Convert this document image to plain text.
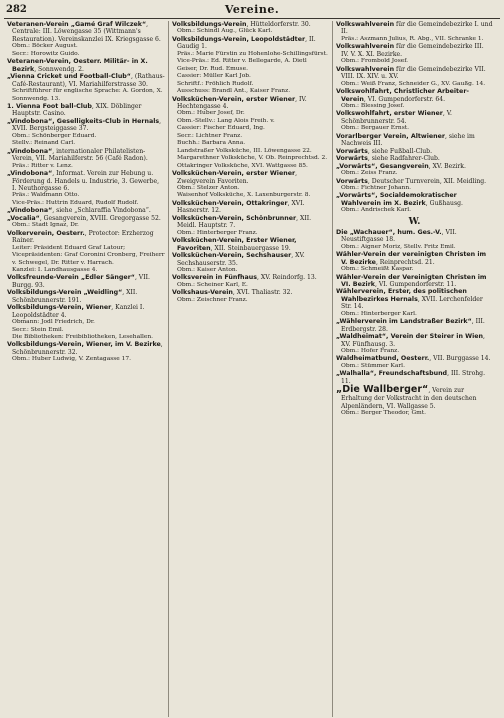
282	Vereine.

Veteranen-Verein „Gamé Graf Wilczek“, Centrale: III. Löwengasse 35 (Wittmann's Restauration). Vereinskanzlei IX. Kriegsgasse 6.

Obm.: Böcker August.

Secr.: Horowitz Guido.

Veteranen-Verein, Oesterr. Militär- in X. Bezirk, Sonnwendg. 2.

„Vienna Cricket und Football-Club“, (Rathaus-Café-Restaurant), VI. Mariahilferstrasse 30.

Schriftführer für englische Sprache: A. Gordon, X. Sonnwendg. 13.

1. Vienna Foot ball-Club, XIX. Döblinger Hauptstr. Casino.

„Vindobona“, Geselligkeits-Club in Hernals, XVII. Bergsteiggasse 37.

Obm.: Schönberger Eduard.

Stellv.: Reinand Carl.

„Vindobona“, internationaler Philatelisten-Verein, VII. Mariahilferstr. 56 (Café Radon).

Präs.: Ritter v. Lenz.

„Vindobona“, Informat. Verein zur Hebung u. Förderung d. Handels u. Industrie, 3. Gewerbe, I. Neuthorgasse 6.

Präs.: Waldmann Otto.

Vice-Präs.: Huttrin Eduard, Rudolf Rudolf.

„Vindobona“, siehe „Schlaraffia Vindobona“.

„Vocalia“, Gesangverein, XVIII. Gregorgasse 52.

Obm.: Stadt Ignaz, Dr.

Volkerverein, Oesterr., Protector: Erzherzog Rainer.

Leiter: Präsident Eduard Graf Latour; Vicepräsidenten: Graf Coronini Cronberg, Freiherr v. Schwegel, Dr. Ritter v. Harrach.

Kanzlei: I. Landhausgasse 4.

Volksfreunde-Verein „Edler Sänger“, VII. Burgg. 93.

Volksbildungs-Verein „Weidling“, XII. Schönbrunnerstr. 191.

Volksbildungs-Verein, Wiener, Kanzlei I. Leopoldstädter 4.

Obmann: Jodl Friedrich, Dr.

Secr.: Stein Emil.

Die Bibliotheken: Freibibliotheken, Lesehallen.

Volksbildungs-Verein, Wiener, im V. Bezirke, Schönbrunnerstr. 32.

Obm.: Huber Ludwig, V. Zentagasse 17.

Volksbildungs-Verein, Hütteldorferstr. 30.

Obm.: Schindl Aug., Glück Karl.

Volksbildungs-Verein, Leopoldstädter, II. Gaudig 1.

Präs.: Marie Fürstin zu Hohenlohe-Schillingsfürst.

Vice-Präs.: Ed. Ritter v. Bellegarde, A. Dietl Geiser, Dr. Rud. Emuse.

Cassier: Müller Karl Job.

Schriftf.: Fröhlich Rudolf.

Ausschuss: Brandl Ant., Kaiser Franz.

Volksküchen-Verein, erster Wiener, IV. Hechtengasse 4.

Obm.: Huber Josef, Dr.

Obm.-Stellv.: Lang Alois Freih. v.

Cassier: Fischer Eduard, Ing.

Secr.: Lichtner Franz.

Buchh.: Barbara Anna.

Landstraßer Volksküche, III. Löwengasse 22.

Margarethner Volksküche, V. Ob. Reinprechtsd. 2.

Ottakringer Volksküche, XVI. Wattgasse 85.

Volksküchen-Verein, erster Wiener, Zweigverein Favoriten.

Obm.: Stelzer Anton.

Waisenhof Volksküche, X. Laxenburgerstr. 8.

Volksküchen-Verein, Ottakringer, XVI. Hasnerstr. 12.

Volksküchen-Verein, Schönbrunner, XII. Meidl. Hauptstr. 7.

Obm.: Hinterberger Franz.

Volksküchen-Verein, Erster Wiener, Favoriten, XII. Steinbauergasse 19.

Volksküchen-Verein, Sechshauser, XV. Sechshauserstr. 35.

Obm.: Kaiser Anton.

Volksverein in Fünfhaus, XV. Reindorfg. 13.

Obm.: Scheiner Karl, E.

Volkshaus-Verein, XVI. Thaliastr. 32.

Obm.: Zeischner Franz.

Volkswahlverein für die Gemeindebezirke I. und II.

Präs.: Aszmann Julius, R. Abg., VII. Schranke 1.

Volkswahlverein für die Gemeindebezirke III. IV. V. X. XI. Bezirke.

Obm.: Frombold Josef.

Volkswahlverein für die Gemeindebezirke VII. VIII. IX. XIV. u. XV.

Obm.: Weiß Franz, Schneider G., XV. Gaußg. 14.

Volkswohlfahrt, Christlicher Arbeiter-Verein, VI. Gumpendorferstr. 64.

Obm.: Blessing Josef.

Volkswohlfahrt, erster Wiener, V. Schönbrunnerstr. 54.

Obm.: Bergauer Ernst.

Vorarlberger Verein, Altwiener, siehe im Nachweis III.

Vorwärts, siehe Fußball-Club.

Vorwärts, siehe Radfahrer-Club.

„Vorwärts“, Gesangverein, XV. Bezirk.

Obm.: Zeiss Franz.

Vorwärts, Deutscher Turnverein, XII. Meidling.

Obm.: Fichtner Johann.

„Vorwärts“, Socialdemokratischer Wahlverein im X. Bezirk, Gußhausg.

Obm.: Andrischek Karl.

W.

Die „Wachauer“, hum. Ges.-V., VII. Neustiftgasse 18.

Obm.: Aigner Moriz, Stellv. Fritz Emil.

Wähler-Verein der vereinigten Christen im V. Bezirke, Reinprechtsd. 21.

Obm.: Schmeißt Kaspar.

Wähler-Verein der Vereinigten Christen im VI. Bezirk, VI. Gumpendorferstr. 11.

Wählerverein, Erster, des politischen Wahlbezirkes Hernals, XVII. Lerchenfelder Str. 14.

Obm.: Hinterberger Karl.

„Wählerverein im Landstraßer Bezirk“, III. Erdbergstr. 28.

„Waldheimat“, Verein der Steirer in Wien, XV. Fünfhausg. 3.

Obm.: Hofer Franz.

Waldheimatbund, Oesterr., VII. Burggasse 14.

Obm.: Stümmer Karl.

„Walhalla“, Freundschaftsbund, III. Strohg. 11.

„Die Wallberger“, Verein zur Erhaltung der Volkstracht in den deutschen Alpenländern, VI. Wallgasse 5.

Obm.: Berger Theodor, Gmt.
